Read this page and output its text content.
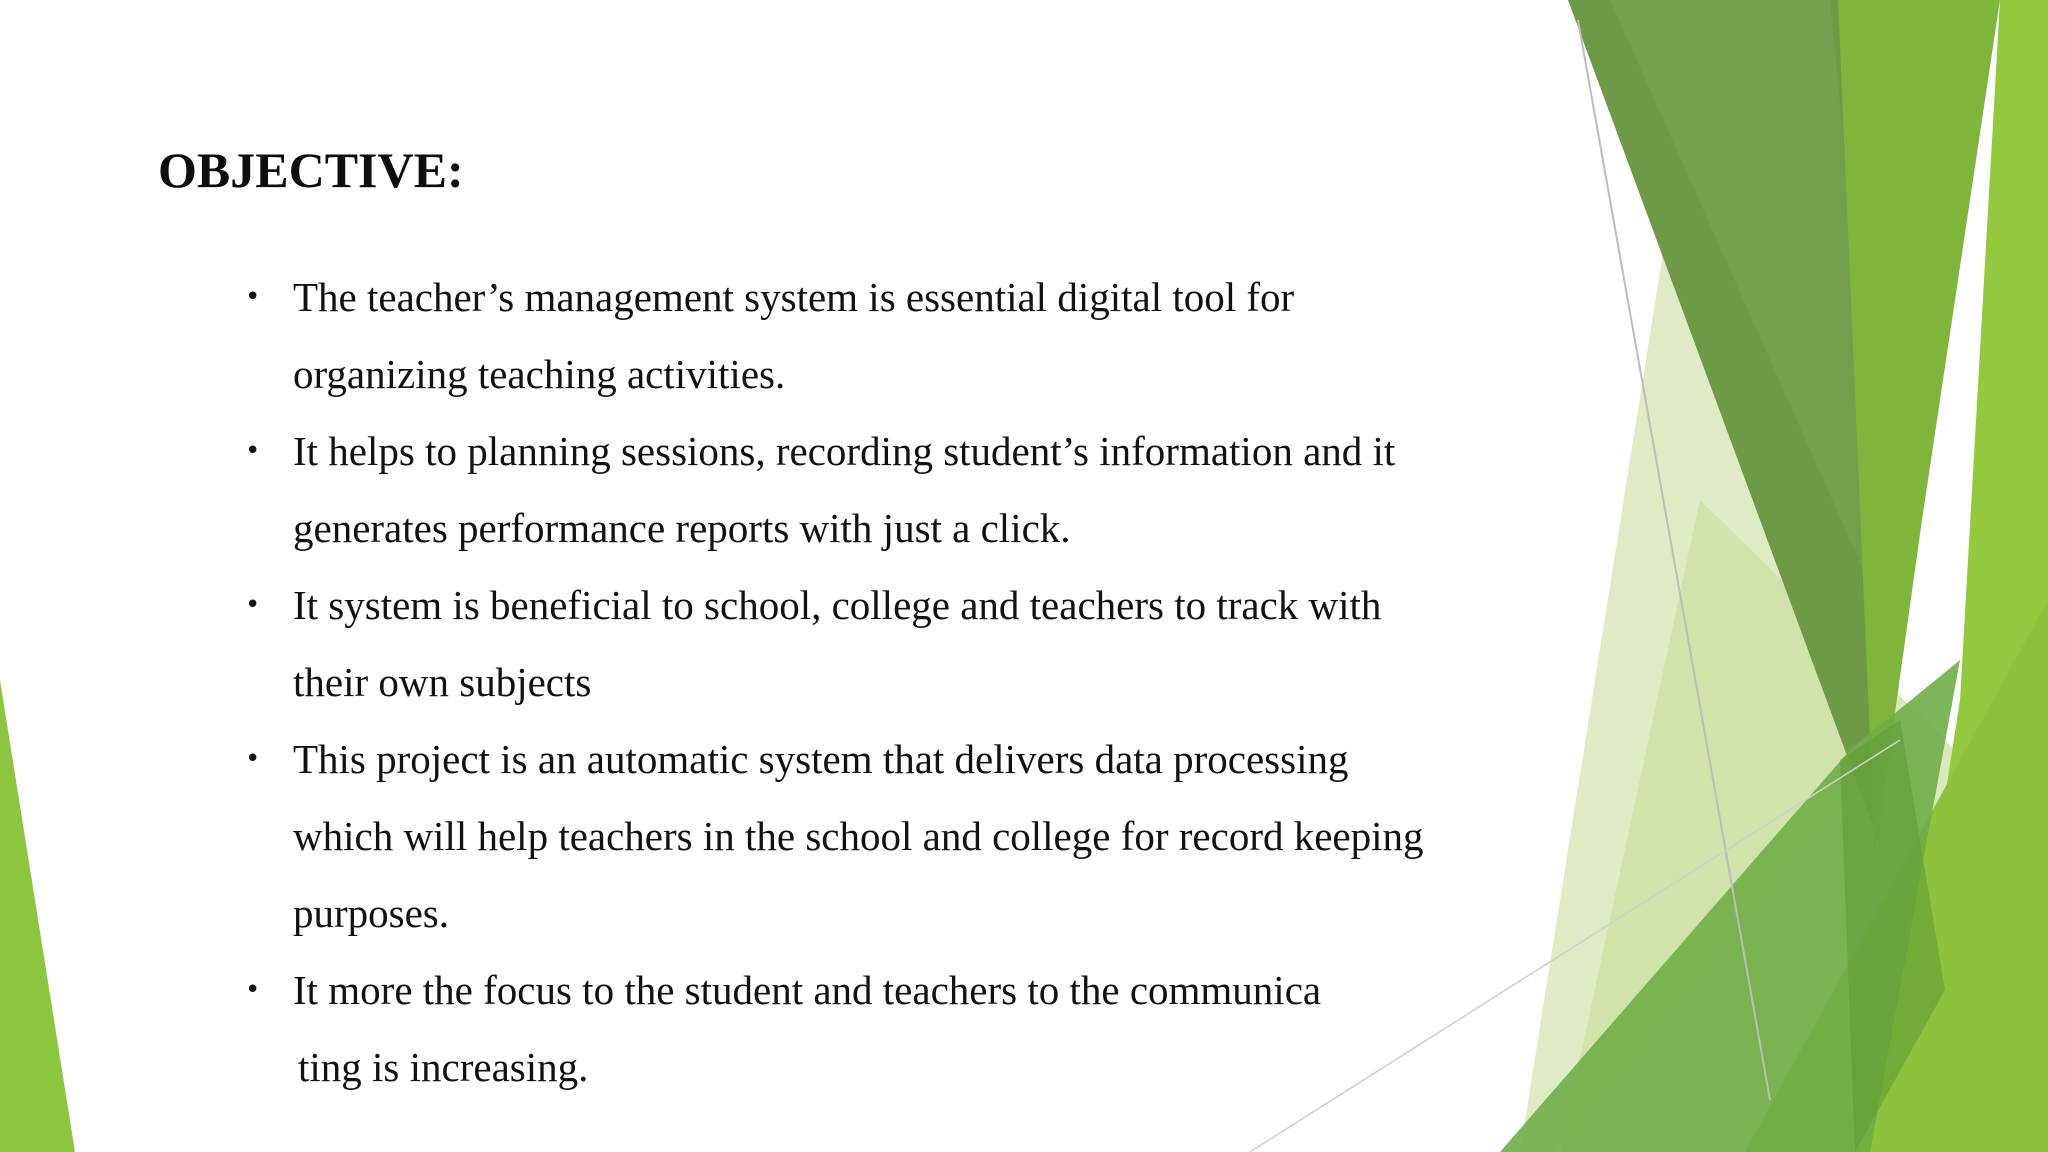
OBJECTIVE:
• The teacher’s management system is essential digital tool for
organizing teaching activities.
• It helps to planning sessions, recording student’s information and it
generates performance reports with just a click.
• It system is beneficial to school, college and teachers to track with
their own subjects
• This project is an automatic system that delivers data processing
which will help teachers in the school and college for record keeping
purposes.
• It more the focus to the student and teachers to the communica
ting is increasing.
